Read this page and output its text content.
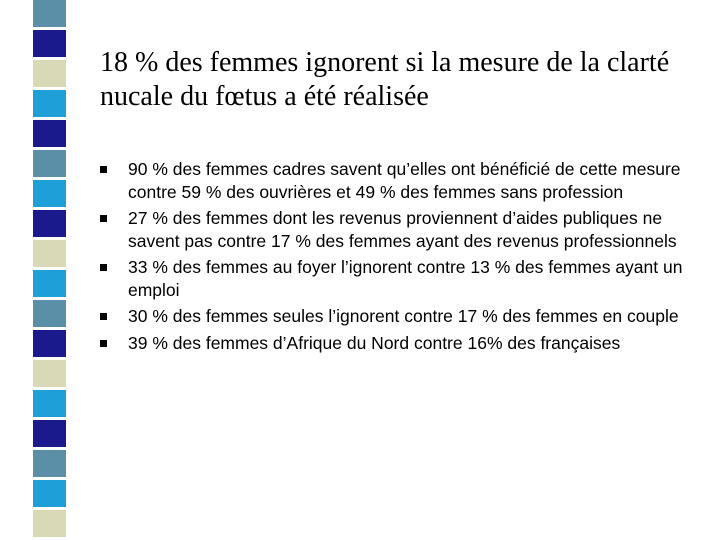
18 % des femmes ignorent si la mesure de la clarté nucale du fœtus a été réalisée
90 % des femmes cadres savent qu’elles ont bénéficié de cette mesure contre 59 % des ouvrières et 49 % des femmes sans profession
27 % des femmes dont les revenus proviennent d’aides publiques ne savent pas contre 17 % des femmes ayant des revenus professionnels
33 % des femmes au foyer l’ignorent contre 13 % des femmes ayant un emploi
30 % des femmes seules l’ignorent contre 17 % des femmes en couple
39 % des femmes d’Afrique du Nord contre 16% des françaises
